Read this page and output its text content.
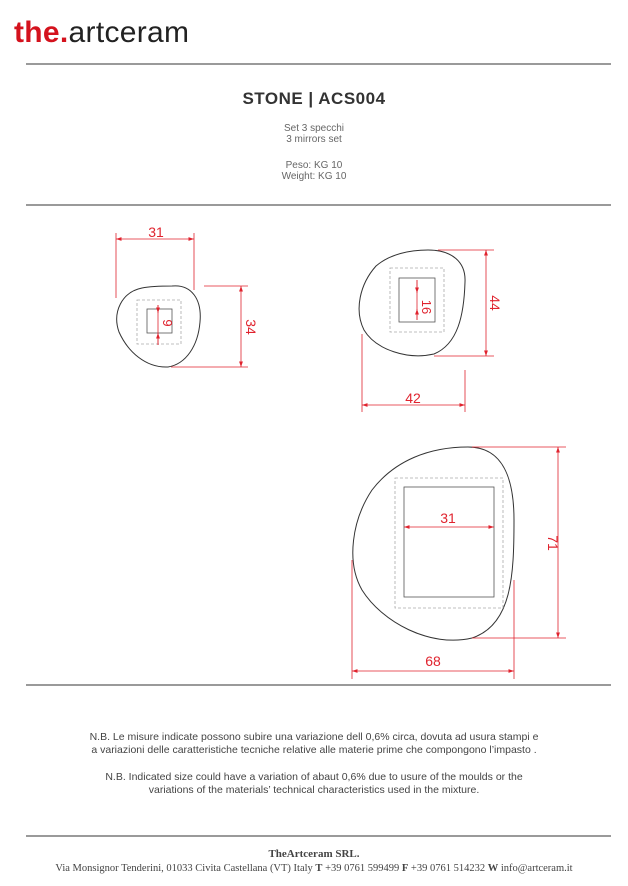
the.artceram
STONE | ACS004
Set 3 specchi
3 mirrors set
Peso: KG 10
Weight: KG 10
31
34
9
44
42
16
71
68
31
N.B. Le misure indicate possono subire una variazione dell 0,6% circa, dovuta ad usura stampi e
a variazioni delle caratteristiche tecniche relative alle materie prime che compongono l’impasto .
N.B. Indicated size could have a variation of abaut 0,6% due to usure of the moulds or the
variations of the materials’ technical characteristics used in the mixture.
TheArtceram SRL.
Via Monsignor Tenderini, 01033 Civita Castellana (VT) Italy T +39 0761 599499 F +39 0761 514232 W info@artceram.it
